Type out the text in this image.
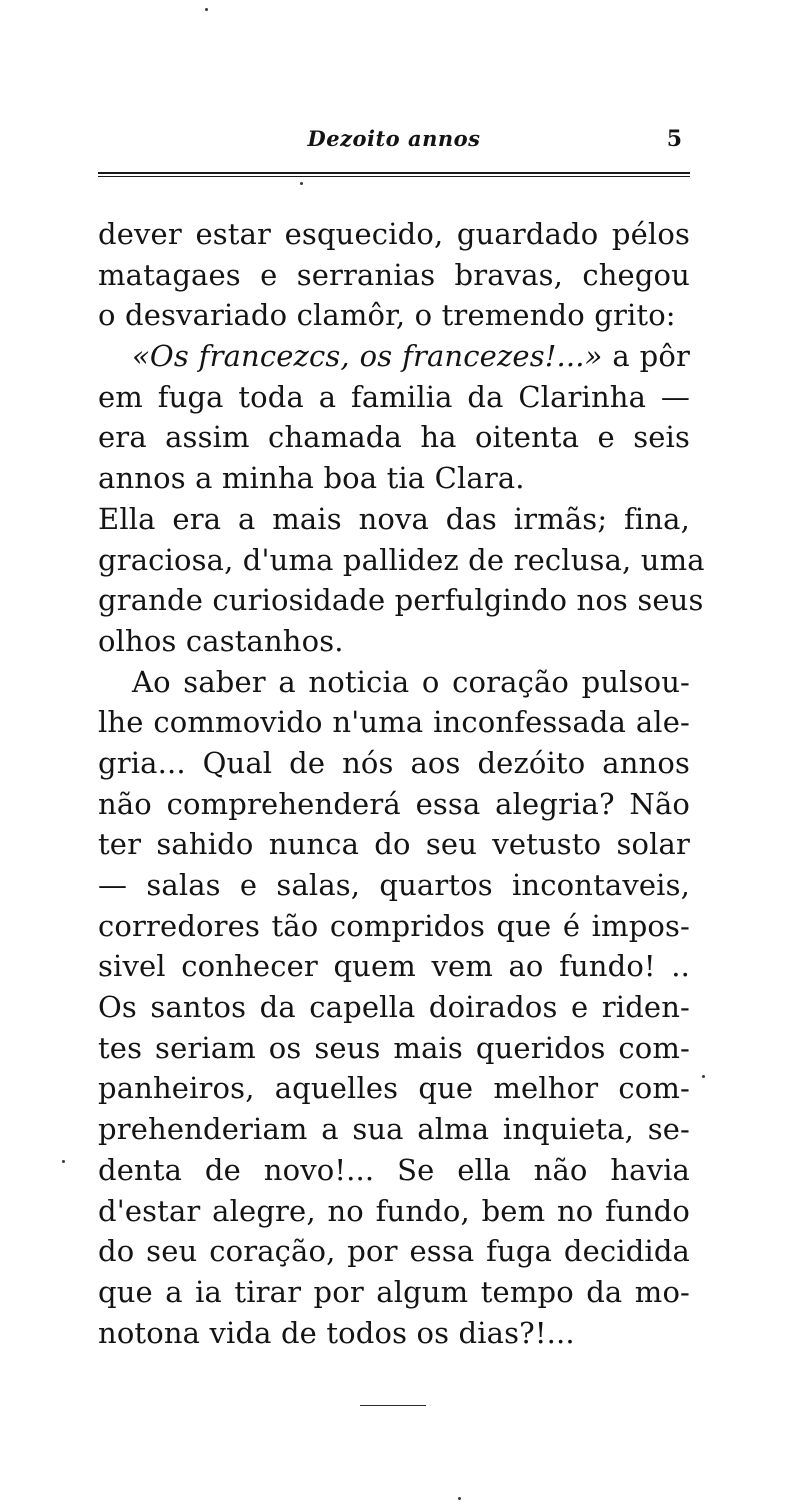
Dezoito annos	5
dever estar esquecido, guardado pélos
matagaes e serranias bravas, chegou
o desvariado clamôr, o tremendo grito:
«Os francezcs, os francezes!...» a pôr
em fuga toda a familia da Clarinha —
era assim chamada ha oitenta e seis
annos a minha boa tia Clara.
Ella era a mais nova das irmãs; fina,
graciosa, d'uma pallidez de reclusa, uma
grande curiosidade perfulgindo nos seus
olhos castanhos.
Ao saber a noticia o coração pulsou-
lhe commovido n'uma inconfessada ale-
gria... Qual de nós aos dezóito annos
não comprehenderá essa alegria? Não
ter sahido nunca do seu vetusto solar
— salas e salas, quartos incontaveis,
corredores tão compridos que é impos-
sivel conhecer quem vem ao fundo! ..
Os santos da capella doirados e riden-
tes seriam os seus mais queridos com-
panheiros, aquelles que melhor com-
prehenderiam a sua alma inquieta, se-
denta de novo!... Se ella não havia
d'estar alegre, no fundo, bem no fundo
do seu coração, por essa fuga decidida
que a ia tirar por algum tempo da mo-
notona vida de todos os dias?!...
